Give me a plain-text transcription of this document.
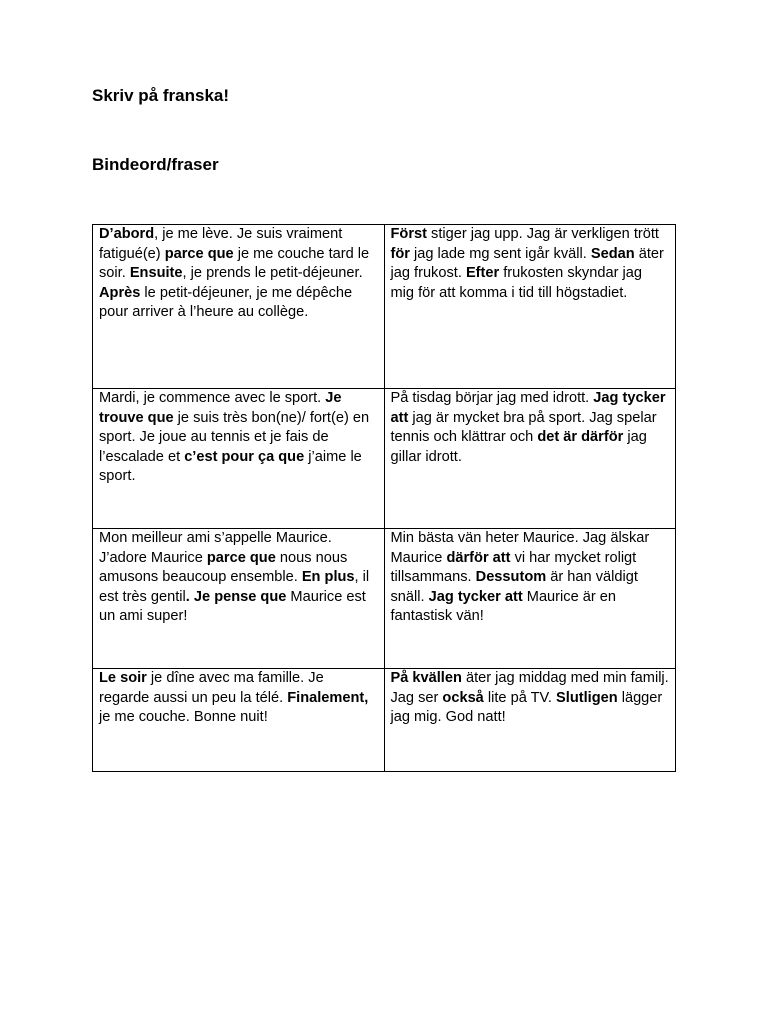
Skriv på franska!
Bindeord/fraser
D’abord, je me lève. Je suis vraiment fatigué(e) parce que je me couche tard le soir. Ensuite, je prends le petit-déjeuner. Après le petit-déjeuner, je me dépêche pour arriver à l’heure au collège.	Först stiger jag upp. Jag är verkligen trött för jag lade mg sent igår kväll. Sedan äter jag frukost. Efter frukosten skyndar jag mig för att komma i tid till högstadiet.

Mardi, je commence avec le sport. Je trouve que je suis très bon(ne)/ fort(e) en sport. Je joue au tennis et je fais de l’escalade et c’est pour ça que j’aime le sport.	På tisdag börjar jag med idrott. Jag tycker att jag är mycket bra på sport. Jag spelar tennis och klättrar och det är därför jag gillar idrott.

Mon meilleur ami s’appelle Maurice. J’adore Maurice parce que nous nous amusons beaucoup ensemble. En plus, il est très gentil. Je pense que Maurice est un ami super!	Min bästa vän heter Maurice. Jag älskar Maurice därför att vi har mycket roligt tillsammans. Dessutom är han väldigt snäll. Jag tycker att Maurice är en fantastisk vän!

Le soir je dîne avec ma famille. Je regarde aussi un peu la télé. Finalement, je me couche. Bonne nuit!	På kvällen äter jag middag med min familj. Jag ser också lite på TV. Slutligen lägger jag mig. God natt!
